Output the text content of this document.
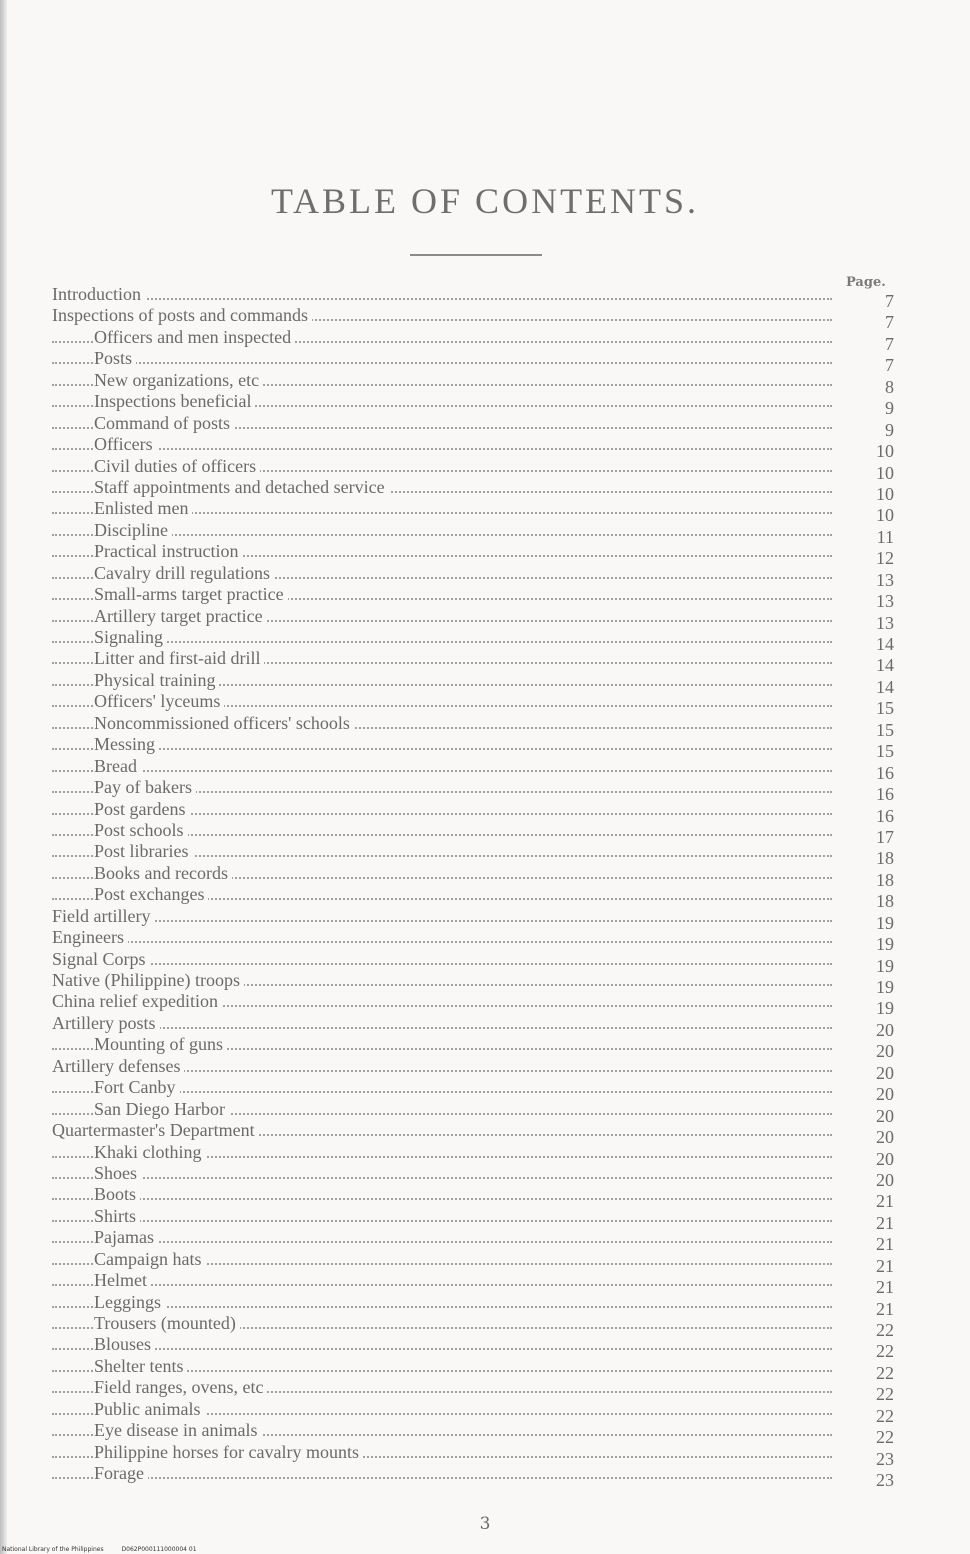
TABLE OF CONTENTS.
Page.
Introduction	7
Inspections of posts and commands	7
Officers and men inspected	7
Posts	7
New organizations, etc	8
Inspections beneficial	9
Command of posts	9
Officers	10
Civil duties of officers	10
Staff appointments and detached service	10
Enlisted men	10
Discipline	11
Practical instruction	12
Cavalry drill regulations	13
Small-arms target practice	13
Artillery target practice	13
Signaling	14
Litter and first-aid drill	14
Physical training	14
Officers' lyceums	15
Noncommissioned officers' schools	15
Messing	15
Bread	16
Pay of bakers	16
Post gardens	16
Post schools	17
Post libraries	18
Books and records	18
Post exchanges	18
Field artillery	19
Engineers	19
Signal Corps	19
Native (Philippine) troops	19
China relief expedition	19
Artillery posts	20
Mounting of guns	20
Artillery defenses	20
Fort Canby	20
San Diego Harbor	20
Quartermaster's Department	20
Khaki clothing	20
Shoes	20
Boots	21
Shirts	21
Pajamas	21
Campaign hats	21
Helmet	21
Leggings	21
Trousers (mounted)	22
Blouses	22
Shelter tents	22
Field ranges, ovens, etc	22
Public animals	22
Eye disease in animals	22
Philippine horses for cavalry mounts	23
Forage	23
3
National Library of the Philippines	D062P000111000004 01
